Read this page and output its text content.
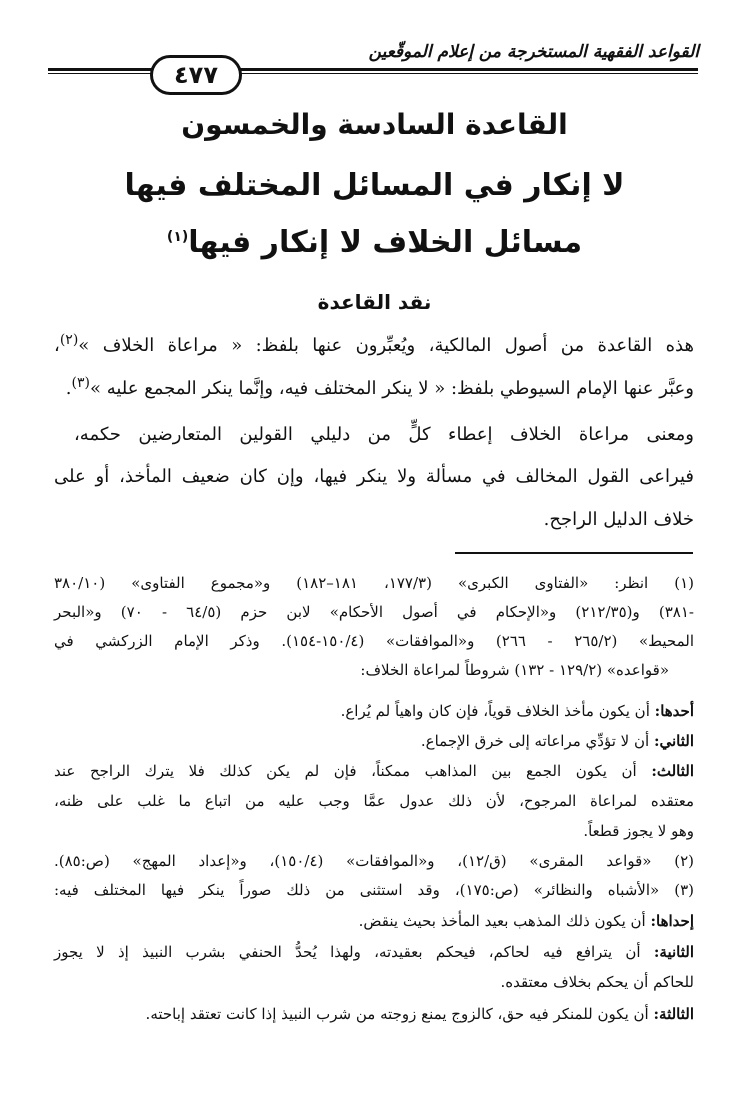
القواعد الفقهية المستخرجة من إعلام الموقّعين
٤٧٧
القاعدة السادسة والخمسون
لا إنكار في المسائل المختلف فيها
مسائل الخلاف لا إنكار فيها$^{(١)}$
نقد القاعدة
هذه القاعدة من أصول المالكية، ويُعبِّرون عنها بلفظ: « مراعاة الخلاف »$^{(٢)}$،
وعبَّر عنها الإمام السيوطي بلفظ: « لا ينكر المختلف فيه، وإنَّما ينكر المجمع عليه »$^{(٣)}$.
ومعنى مراعاة الخلاف إعطاء كلٍّ من دليلي القولين المتعارضين حكمه،
فيراعى القول المخالف في مسألة ولا ينكر فيها، وإن كان ضعيف المأخذ، أو على
خلاف الدليل الراجح.
(١) انظر: «الفتاوى الكبرى» (١٧٧/٣، ١٨١–١٨٢) و«مجموع الفتاوى» (٣٨٠/١٠
-٣٨١) و(٢١٢/٣٥) و«الإحكام في أصول الأحكام» لابن حزم (٦٤/٥ - ٧٠) و«البحر
المحيط» (٢٦٥/٢ - ٢٦٦) و«الموافقات» (١٥٠/٤-١٥٤). وذكر الإمام الزركشي في
«قواعده» (١٢٩/٢ - ١٣٢) شروطاً لمراعاة الخلاف:
أحدها: أن يكون مأخذ الخلاف قوياً، فإن كان واهياً لم يُراع.
الثاني: أن لا تؤدِّي مراعاته إلى خرق الإجماع.
الثالث: أن يكون الجمع بين المذاهب ممكناً، فإن لم يكن كذلك فلا يترك الراجح عند
معتقده لمراعاة المرجوح، لأن ذلك عدول عمَّا وجب عليه من اتباع ما غلب على ظنه،
وهو لا يجوز قطعاً.
(٢) «قواعد المقرى» (ق/١٢)، و«الموافقات» (١٥٠/٤)، و«إعداد المهج» (ص:٨٥).
(٣) «الأشباه والنظائر» (ص:١٧٥)، وقد استثنى من ذلك صوراً ينكر فيها المختلف فيه:
إحداها: أن يكون ذلك المذهب بعيد المأخذ بحيث ينقض.
الثانية: أن يترافع فيه لحاكم، فيحكم بعقيدته، ولهذا يُحدُّ الحنفي بشرب النبيذ إذ لا يجوز
للحاكم أن يحكم بخلاف معتقده.
الثالثة: أن يكون للمنكر فيه حق، كالزوج يمنع زوجته من شرب النبيذ إذا كانت تعتقد إباحته.
